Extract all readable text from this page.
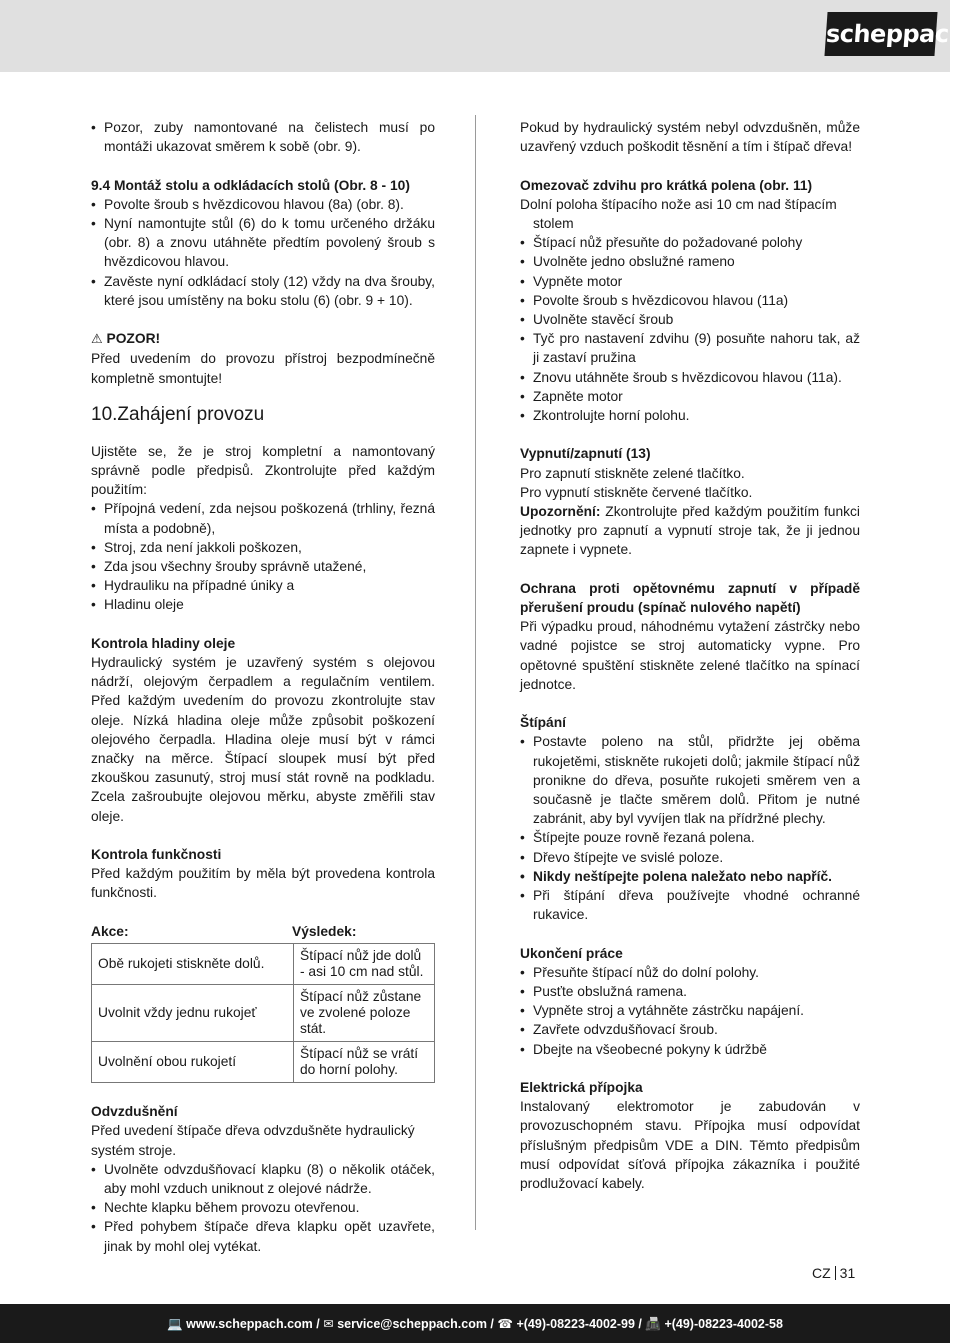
scheppach
• Pozor, zuby namontované na čelistech musí po montáži ukazovat směrem k sobě (obr. 9).
9.4 Montáž stolu a odkládacích stolů (Obr. 8 - 10)
• Povolte šroub s hvězdicovou hlavou (8a) (obr. 8).
• Nyní namontujte stůl (6) do k tomu určeného držáku (obr. 8) a znovu utáhněte předtím povolený šroub s hvězdicovou hlavou.
• Zavěste nyní odkládací stoly (12) vždy na dva šrouby, které jsou umístěny na boku stolu (6) (obr. 9 + 10).
⚠ POZOR!

Před uvedením do provozu přístroj bezpodmínečně kompletně smontujte!

10.Zahájení provozu

Ujistěte se, že je stroj kompletní a namontovaný správně podle předpisů. Zkontrolujte před každým použitím:

• Přípojná vedení, zda nejsou poškozená (trhliny, řezná místa a podobně),
• Stroj, zda není jakkoli poškozen,
• Zda jsou všechny šrouby správně utažené,
• Hydrauliku na případné úniky a
• Hladinu oleje
Kontrola hladiny oleje

Hydraulický systém je uzavřený systém s olejovou nádrží, olejovým čerpadlem a regulačním ventilem. Před každým uvedením do provozu zkontrolujte stav oleje. Nízká hladina oleje může způsobit poškození olejového čerpadla. Hladina oleje musí být v rámci značky na měrce. Štípací sloupek musí být před zkouškou zasunutý, stroj musí stát rovně na podkladu. Zcela zašroubujte olejovou měrku, abyste změřili stav oleje.

Kontrola funkčnosti

Před každým použitím by měla být provedena kontrola funkčnosti.

Akce:	Výsledek:
Obě rukojeti stiskněte dolů.	Štípací nůž jde dolů - asi 10 cm nad stůl.
Uvolnit vždy jednu rukojeť	Štípací nůž zůstane ve zvolené poloze stát.
Uvolnění obou rukojetí	Štípací nůž se vrátí do horní polohy.
Odvzdušnění

Před uvedení štípače dřeva odvzdušněte hydraulický systém stroje.

• Uvolněte odvzdušňovací klapku (8) o několik otáček, aby mohl vzduch uniknout z olejové nádrže.
• Nechte klapku během provozu otevřenou.
• Před pohybem štípače dřeva klapku opět uzavřete, jinak by mohl olej vytékat.

Pokud by hydraulický systém nebyl odvzdušněn, může uzavřený vzduch poškodit těsnění a tím i štípač dřeva!

Omezovač zdvihu pro krátká polena (obr. 11)

Dolní poloha štípacího nože asi 10 cm nad štípacím

stolem

• Štípací nůž přesuňte do požadované polohy
• Uvolněte jedno obslužné rameno
• Vypněte motor
• Povolte šroub s hvězdicovou hlavou (11a)
• Uvolněte stavěcí šroub
• Tyč pro nastavení zdvihu (9) posuňte nahoru tak, až ji zastaví pružina
• Znovu utáhněte šroub s hvězdicovou hlavou (11a).
• Zapněte motor
• Zkontrolujte horní polohu.
Vypnutí/zapnutí (13)

Pro zapnutí stiskněte zelené tlačítko.

Pro vypnutí stiskněte červené tlačítko.

Upozornění: Zkontrolujte před každým použitím funkci jednotky pro zapnutí a vypnutí stroje tak, že ji jednou zapnete i vypnete.

Ochrana proti opětovnému zapnutí v případě přerušení proudu (spínač nulového napětí)

Při výpadku proud, náhodnému vytažení zástrčky nebo vadné pojistce se stroj automaticky vypne. Pro opětovné spuštění stiskněte zelené tlačítko na spínací jednotce.

Štípání
• Postavte poleno na stůl, přidržte jej oběma rukojetěmi, stiskněte rukojeti dolů; jakmile štípací nůž pronikne do dřeva, posuňte rukojeti směrem ven a současně je tlačte směrem dolů. Přitom je nutné zabránit, aby byl vyvíjen tlak na přídržné plechy.
• Štípejte pouze rovně řezaná polena.
• Dřevo štípejte ve svislé poloze.
• Nikdy neštípejte polena naležato nebo napříč.
• Při štípání dřeva používejte vhodné ochranné rukavice.
Ukončení práce
• Přesuňte štípací nůž do dolní polohy.
• Pusťte obslužná ramena.
• Vypněte stroj a vytáhněte zástrčku napájení.
• Zavřete odvzdušňovací šroub.
• Dbejte na všeobecné pokyny k údržbě
Elektrická přípojka

Instalovaný elektromotor je zabudován v provozuschopném stavu. Přípojka musí odpovídat příslušným předpisům VDE a DIN. Těmto předpisům musí odpovídat síťová přípojka zákazníka i použité prodlužovací kabely.

CZ 31
💻 www.scheppach.com / ✉ service@scheppach.com / ☎ +(49)-08223-4002-99 / 📠 +(49)-08223-4002-58
